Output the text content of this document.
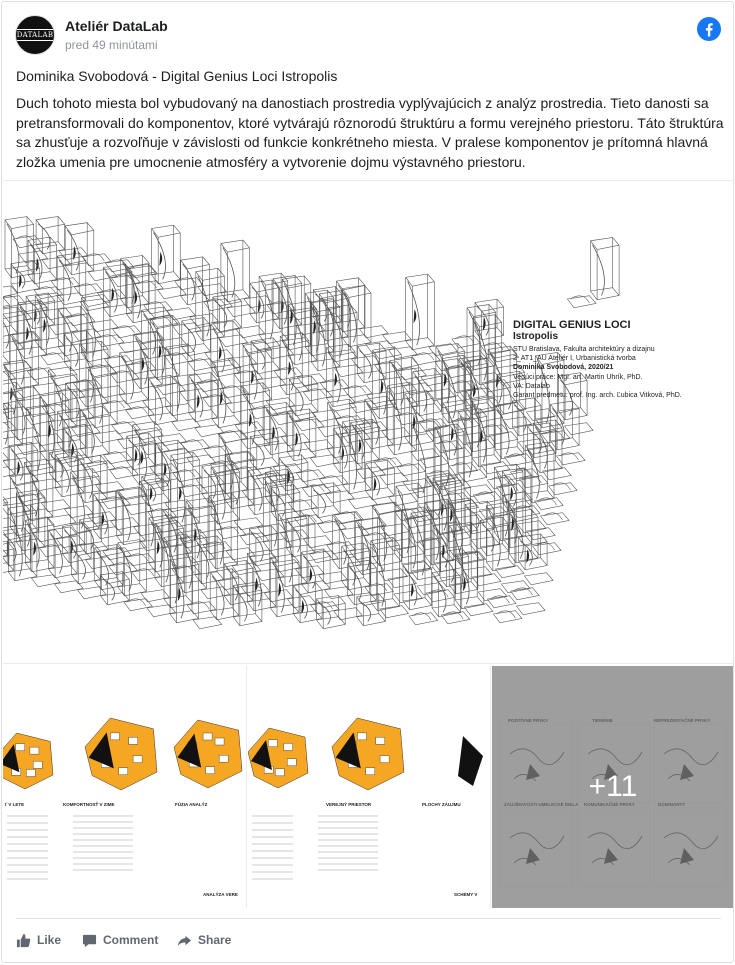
DATALAB
Ateliér DataLab
pred 49 minútami
Dominika Svobodová - Digital Genius Loci Istropolis
Duch tohoto miesta bol vybudovaný na danostiach prostredia vyplývajúcich z analýz prostredia. Tieto danosti sa pretransformovali do komponentov, ktoré vytvárajú rôznorodú štruktúru a formu verejného priestoru. Táto štruktúra sa zhusťuje a rozvoľňuje v závislosti od funkcie konkrétneho miesta. V pralese komponentov je prítomná hlavná zložka umenia pre umocnenie atmosféry a vytvorenie dojmu výstavného priestoru.
DIGITAL GENIUS LOCI
Istropolis
STU Bratislava, Fakulta architektúry a dizajnu
2_AT1_AU Ateliér I, Urbanistická tvorba
Dominika Svobodová, 2020/21
Vedúci práce: Mgr. art. Martin Uhrík, PhD.
VA: Datalab
Garant predmetu: prof. Ing. arch. Ľubica Vitková, PhD.
ť V LETE	KOMFORTNOSŤ V ZIME	FÚZIA ANALÝZ
ANALÝZA VERE
VEREJNÝ PRIESTOR	PLOCHY ZÁUJMU
SCHÉMY V
+11
Like	Comment	Share
